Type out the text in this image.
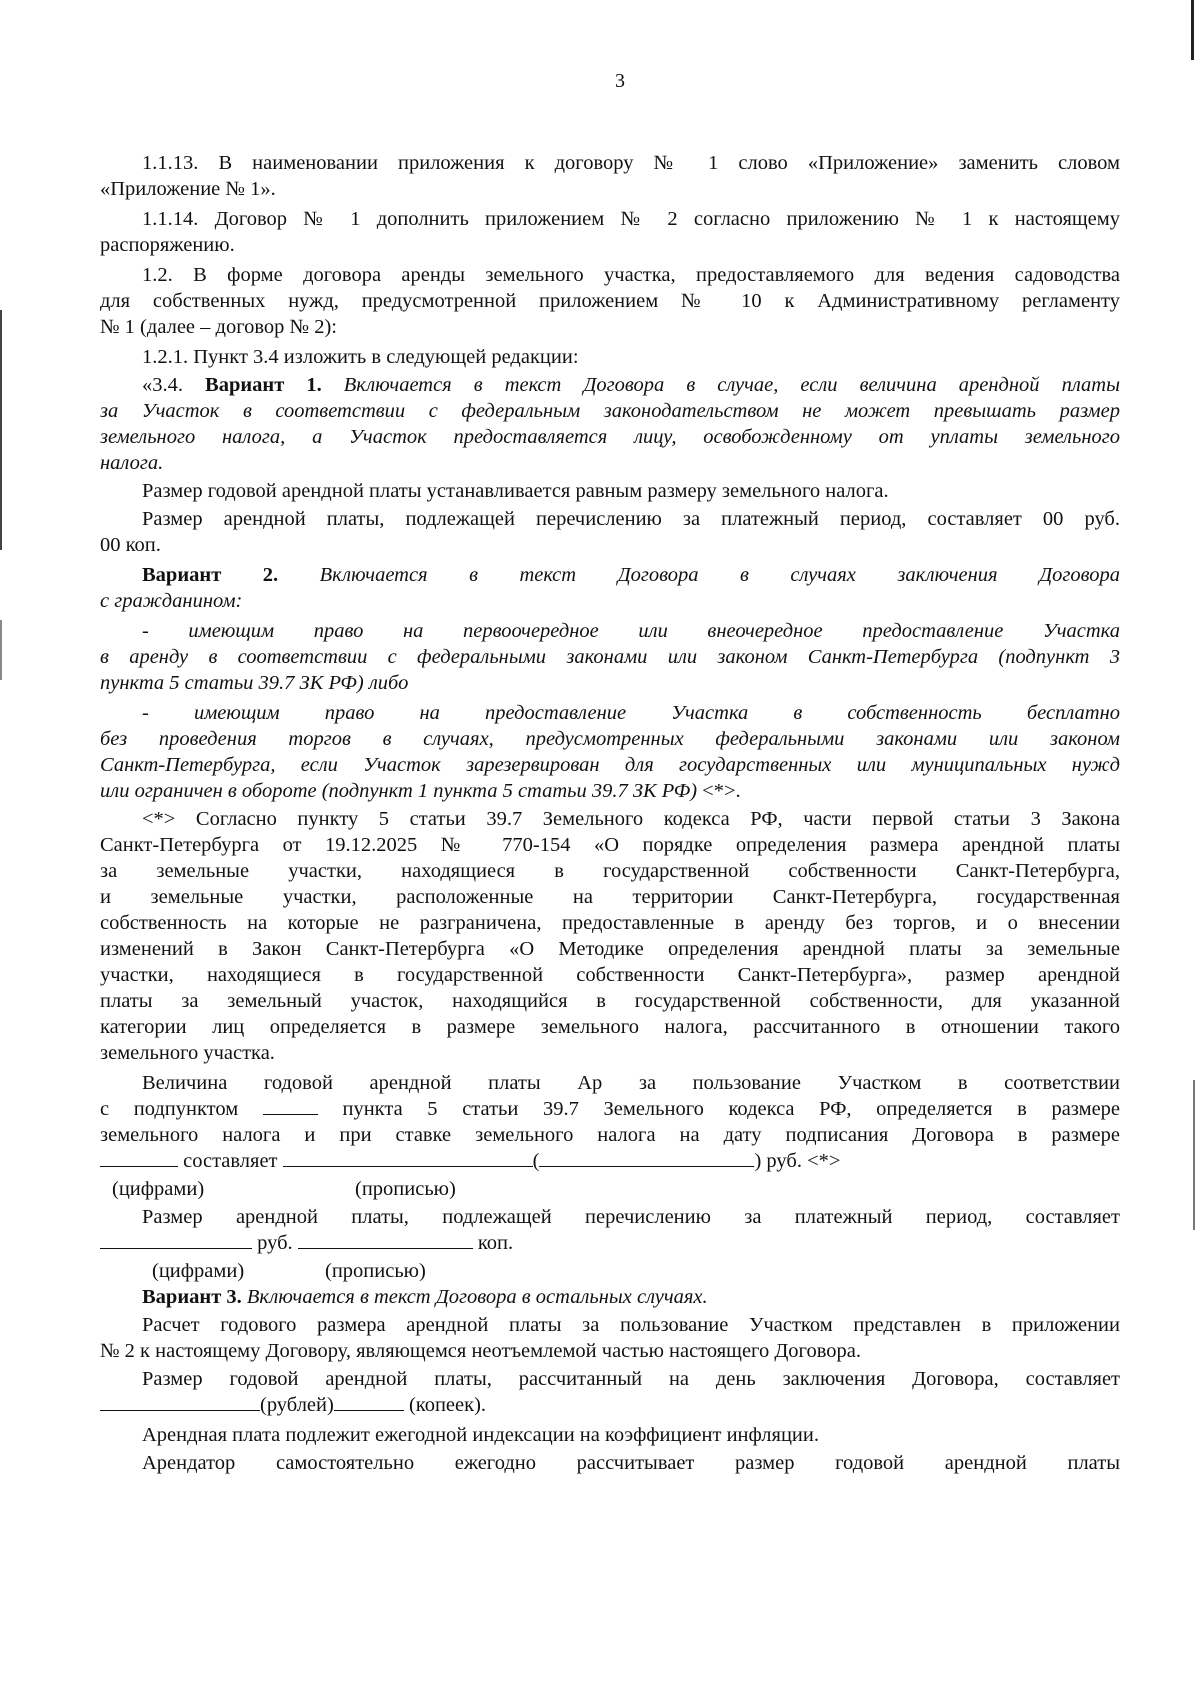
3
1.1.13. В наименовании приложения к договору № 1 слово «Приложение» заменить словом
«Приложение № 1».
1.1.14. Договор № 1 дополнить приложением № 2 согласно приложению № 1 к настоящему
распоряжению.
1.2. В форме договора аренды земельного участка, предоставляемого для ведения садоводства
для собственных нужд, предусмотренной приложением № 10 к Административному регламенту
№ 1 (далее – договор № 2):
1.2.1. Пункт 3.4 изложить в следующей редакции:
«3.4. Вариант 1. Включается в текст Договора в случае, если величина арендной платы
за Участок в соответствии с федеральным законодательством не может превышать размер
земельного налога, а Участок предоставляется лицу, освобожденному от уплаты земельного
налога.
Размер годовой арендной платы устанавливается равным размеру земельного налога.
Размер арендной платы, подлежащей перечислению за платежный период, составляет 00 руб.
00 коп.
Вариант 2. Включается в текст Договора в случаях заключения Договора
с гражданином:
- имеющим право на первоочередное или внеочередное предоставление Участка
в аренду в соответствии с федеральными законами или законом Санкт-Петербурга (подпункт 3
пункта 5 статьи 39.7 ЗК РФ) либо
- имеющим право на предоставление Участка в собственность бесплатно
без проведения торгов в случаях, предусмотренных федеральными законами или законом
Санкт-Петербурга, если Участок зарезервирован для государственных или муниципальных нужд
или ограничен в обороте (подпункт 1 пункта 5 статьи 39.7 ЗК РФ) <*>.
<*> Согласно пункту 5 статьи 39.7 Земельного кодекса РФ, части первой статьи 3 Закона
Санкт-Петербурга от 19.12.2025 № 770-154 «О порядке определения размера арендной платы
за земельные участки, находящиеся в государственной собственности Санкт-Петербурга,
и земельные участки, расположенные на территории Санкт-Петербурга, государственная
собственность на которые не разграничена, предоставленные в аренду без торгов, и о внесении
изменений в Закон Санкт-Петербурга «О Методике определения арендной платы за земельные
участки, находящиеся в государственной собственности Санкт-Петербурга», размер арендной
платы за земельный участок, находящийся в государственной собственности, для указанной
категории лиц определяется в размере земельного налога, рассчитанного в отношении такого
земельного участка.
Величина годовой арендной платы Ар за пользование Участком в соответствии
с подпунктом	пункта 5 статьи 39.7 Земельного кодекса РФ, определяется в размере
земельного налога и при ставке земельного налога на дату подписания Договора в размере
составляет	(	) руб. <*>
(цифрами)	(прописью)
Размер арендной платы, подлежащей перечислению за платежный период, составляет
руб.	коп.
(цифрами)	(прописью)
Вариант 3. Включается в текст Договора в остальных случаях.
Расчет годового размера арендной платы за пользование Участком представлен в приложении
№ 2 к настоящему Договору, являющемся неотъемлемой частью настоящего Договора.
Размер годовой арендной платы, рассчитанный на день заключения Договора, составляет
(рублей)	(копеек).
Арендная плата подлежит ежегодной индексации на коэффициент инфляции.
Арендатор самостоятельно ежегодно рассчитывает размер годовой арендной платы
